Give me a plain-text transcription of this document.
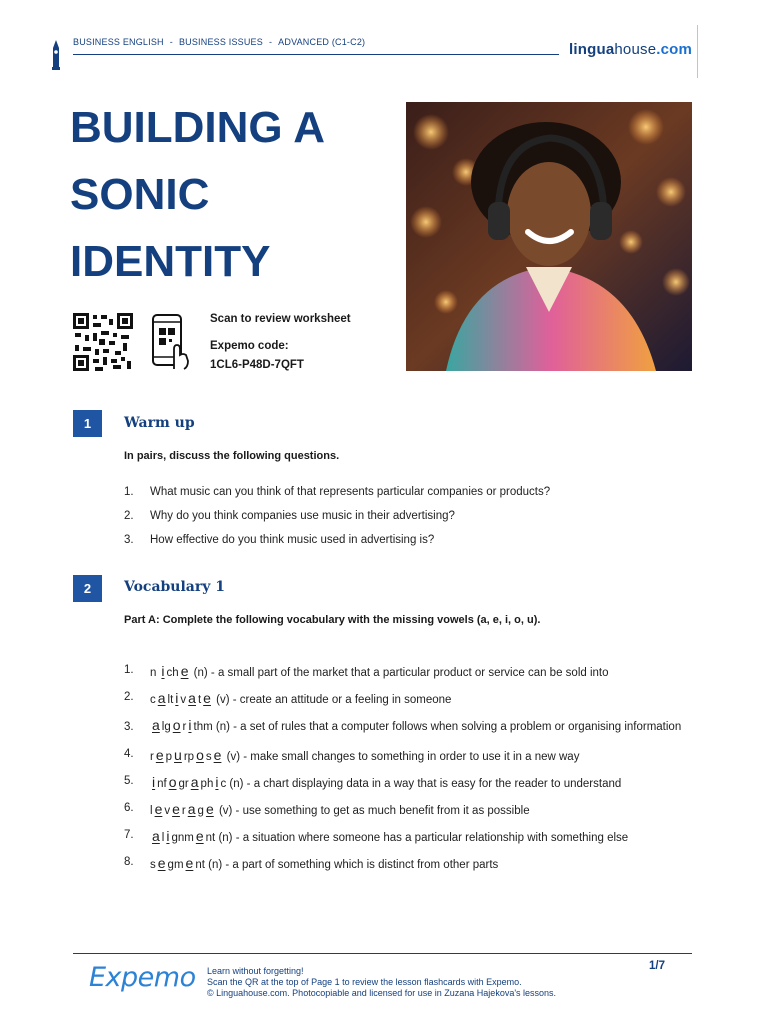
BUSINESS ENGLISH - BUSINESS ISSUES - ADVANCED (C1-C2)	linguahouse.com
BUILDING A
SONIC
IDENTITY
Scan to review worksheet
Expemo code:
1CL6-P48D-7QFT
1	Warm up
In pairs, discuss the following questions.
1. What music can you think of that represents particular companies or products?
2. Why do you think companies use music in their advertising?
3. How effective do you think music used in advertising is?
2	Vocabulary 1
Part A: Complete the following vocabulary with the missing vowels (a, e, i, o, u).
1. n i ch e (n) - a small part of the market that a particular product or service can be sold into
2. c a lt i v a t e (v) - create an attitude or a feeling in someone
3. a lg o r i thm (n) - a set of rules that a computer follows when solving a problem or organising information
4. r e p u rp o s e (v) - make small changes to something in order to use it in a new way
5. i nf o gr a ph i c (n) - a chart displaying data in a way that is easy for the reader to understand
6. l e v e r a g e (v) - use something to get as much benefit from it as possible
7. a l i gnm e nt (n) - a situation where someone has a particular relationship with something else
8. s e gm e nt (n) - a part of something which is distinct from other parts
Expemo Learn without forgetting!
Scan the QR at the top of Page 1 to review the lesson flashcards with Expemo.
© Linguahouse.com. Photocopiable and licensed for use in Zuzana Hajekova's lessons.
1/7
